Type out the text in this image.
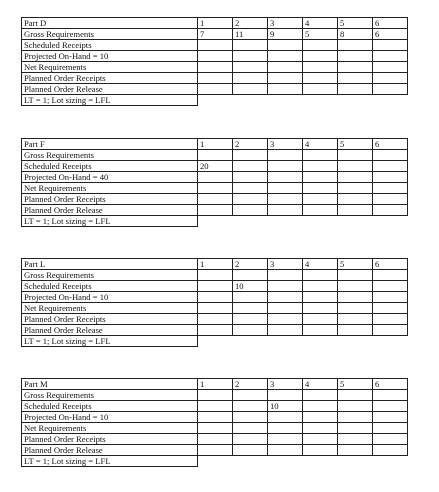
Part D	1	2	3	4	5	6
Gross Requirements	7	11	9	5	8	6
Scheduled Receipts						
Projected On-Hand = 10						
Net Requirements						
Planned Order Receipts						
Planned Order Release						
LT = 1; Lot sizing = LFL						
Part F	1	2	3	4	5	6
Gross Requirements						
Scheduled Receipts	20					
Projected On-Hand = 40						
Net Requirements						
Planned Order Receipts						
Planned Order Release						
LT = 1; Lot sizing = LFL						
Part L	1	2	3	4	5	6
Gross Requirements						
Scheduled Receipts		10				
Projected On-Hand = 10						
Net Requirements						
Planned Order Receipts						
Planned Order Release						
LT = 1; Lot sizing = LFL						
Part M	1	2	3	4	5	6
Gross Requirements						
Scheduled Receipts			10			
Projected On-Hand = 10						
Net Requirements						
Planned Order Receipts						
Planned Order Release						
LT = 1; Lot sizing = LFL						
